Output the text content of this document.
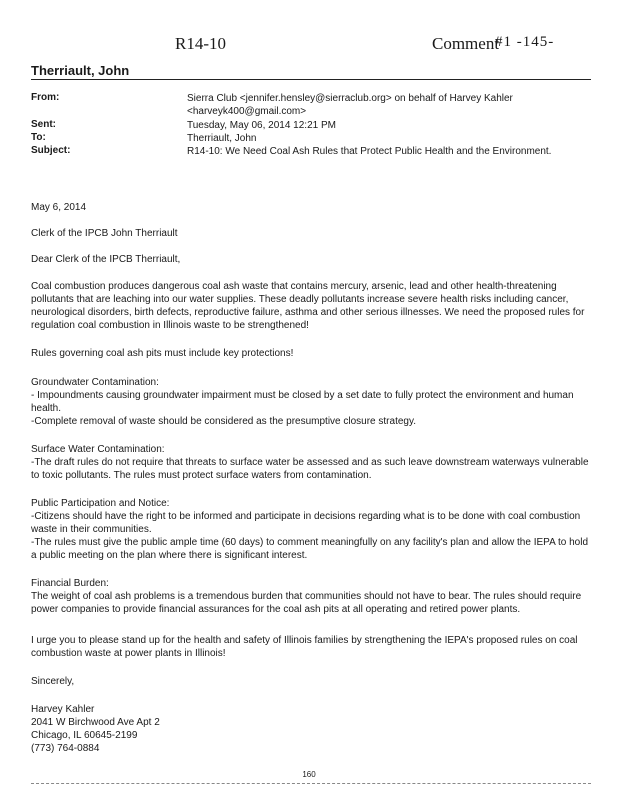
R14-10	Comment
#1 -145-
Therriault, John
From:	Sierra Club <jennifer.hensley@sierraclub.org> on behalf of Harvey Kahler <harveyk400@gmail.com>
Sent:	Tuesday, May 06, 2014 12:21 PM
To:	Therriault, John
Subject:	R14-10: We Need Coal Ash Rules that Protect Public Health and the Environment.
May 6, 2014
Clerk of the IPCB John Therriault
Dear Clerk of the IPCB Therriault,
Coal combustion produces dangerous coal ash waste that contains mercury, arsenic, lead and other health-threatening pollutants that are leaching into our water supplies. These deadly pollutants increase severe health risks including cancer, neurological disorders, birth defects, reproductive failure, asthma and other serious illnesses. We need the proposed rules for regulation coal combustion in Illinois waste to be strengthened!
Rules governing coal ash pits must include key protections!
Groundwater Contamination:
- Impoundments causing groundwater impairment must be closed by a set date to fully protect the environment and human health.
-Complete removal of waste should be considered as the presumptive closure strategy.
Surface Water Contamination:
-The draft rules do not require that threats to surface water be assessed and as such leave downstream waterways vulnerable to toxic pollutants. The rules must protect surface waters from contamination.
Public Participation and Notice:
-Citizens should have the right to be informed and participate in decisions regarding what is to be done with coal combustion waste in their communities.
-The rules must give the public ample time (60 days) to comment meaningfully on any facility's plan and allow the IEPA to hold a public meeting on the plan where there is significant interest.
Financial Burden:
The weight of coal ash problems is a tremendous burden that communities should not have to bear. The rules should require power companies to provide financial assurances for the coal ash pits at all operating and retired power plants.
I urge you to please stand up for the health and safety of Illinois families by strengthening the IEPA's proposed rules on coal combustion waste at power plants in Illinois!
Sincerely,
Harvey Kahler
2041 W Birchwood Ave Apt 2
Chicago, IL 60645-2199
(773) 764-0884
160
